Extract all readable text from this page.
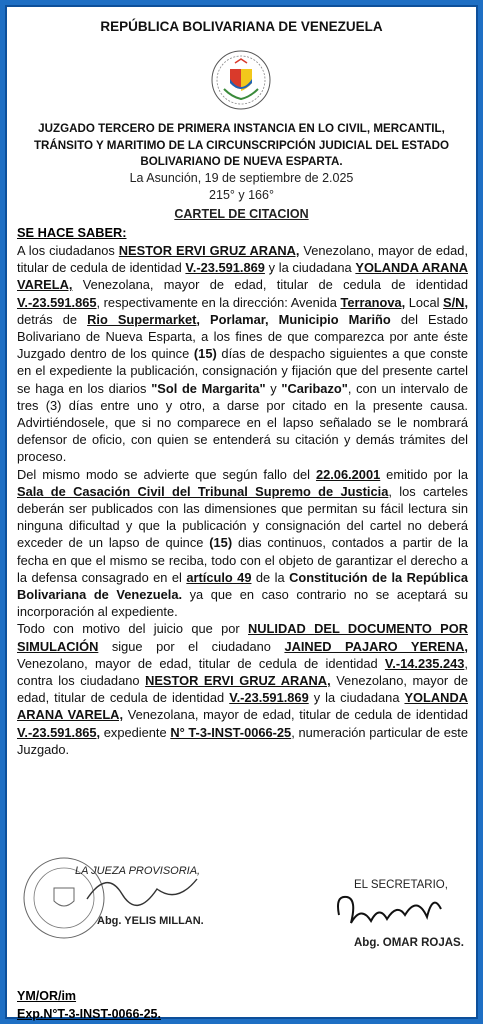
REPÚBLICA BOLIVARIANA DE VENEZUELA
JUZGADO TERCERO DE PRIMERA INSTANCIA EN LO CIVIL, MERCANTIL,
TRÁNSITO Y MARITIMO DE LA CIRCUNSCRIPCIÓN JUDICIAL DEL ESTADO
BOLIVARIANO DE NUEVA ESPARTA.
La Asunción, 19 de septiembre de 2.025
215° y 166°
CARTEL DE CITACION
SE HACE SABER:

A los ciudadanos NESTOR ERVI GRUZ ARANA, Venezolano, mayor de edad, titular de cedula de identidad V.-23.591.869 y la ciudadana YOLANDA ARANA VARELA, Venezolana, mayor de edad, titular de cedula de identidad V.-23.591.865, respectivamente en la dirección: Avenida Terranova, Local S/N, detrás de Rio Supermarket, Porlamar, Municipio Mariño del Estado Bolivariano de Nueva Esparta, a los fines de que comparezca por ante éste Juzgado dentro de los quince (15) días de despacho siguientes a que conste en el expediente la publicación, consignación y fijación que del presente cartel se haga en los diarios "Sol de Margarita" y "Caribazo", con un intervalo de tres (3) días entre uno y otro, a darse por citado en la presente causa. Advirtiéndosele, que si no comparece en el lapso señalado se le nombrará defensor de oficio, con quien se entenderá su citación y demás trámites del proceso.

Del mismo modo se advierte que según fallo del 22.06.2001 emitido por la Sala de Casación Civil del Tribunal Supremo de Justicia, los carteles deberán ser publicados con las dimensiones que permitan su fácil lectura sin ninguna dificultad y que la publicación y consignación del cartel no deberá exceder de un lapso de quince (15) dias continuos, contados a partir de la fecha en que el mismo se reciba, todo con el objeto de garantizar el derecho a la defensa consagrado en el artículo 49 de la Constitución de la República Bolivariana de Venezuela. ya que en caso contrario no se aceptará su incorporación al expediente.

Todo con motivo del juicio que por NULIDAD DEL DOCUMENTO POR SIMULACIÓN sigue por el ciudadano JAINED PAJARO YERENA, Venezolano, mayor de edad, titular de cedula de identidad V.-14.235.243, contra los ciudadano NESTOR ERVI GRUZ ARANA, Venezolano, mayor de edad, titular de cedula de identidad V.-23.591.869 y la ciudadana YOLANDA ARANA VARELA, Venezolana, mayor de edad, titular de cedula de identidad V.-23.591.865, expediente N° T-3-INST-0066-25, numeración particular de este Juzgado.

LA JUEZA PROVISORIA,
Abg. YELIS MILLAN.
EL SECRETARIO,
Abg. OMAR ROJAS.
YM/OR/im
Exp.N°T-3-INST-0066-25.
